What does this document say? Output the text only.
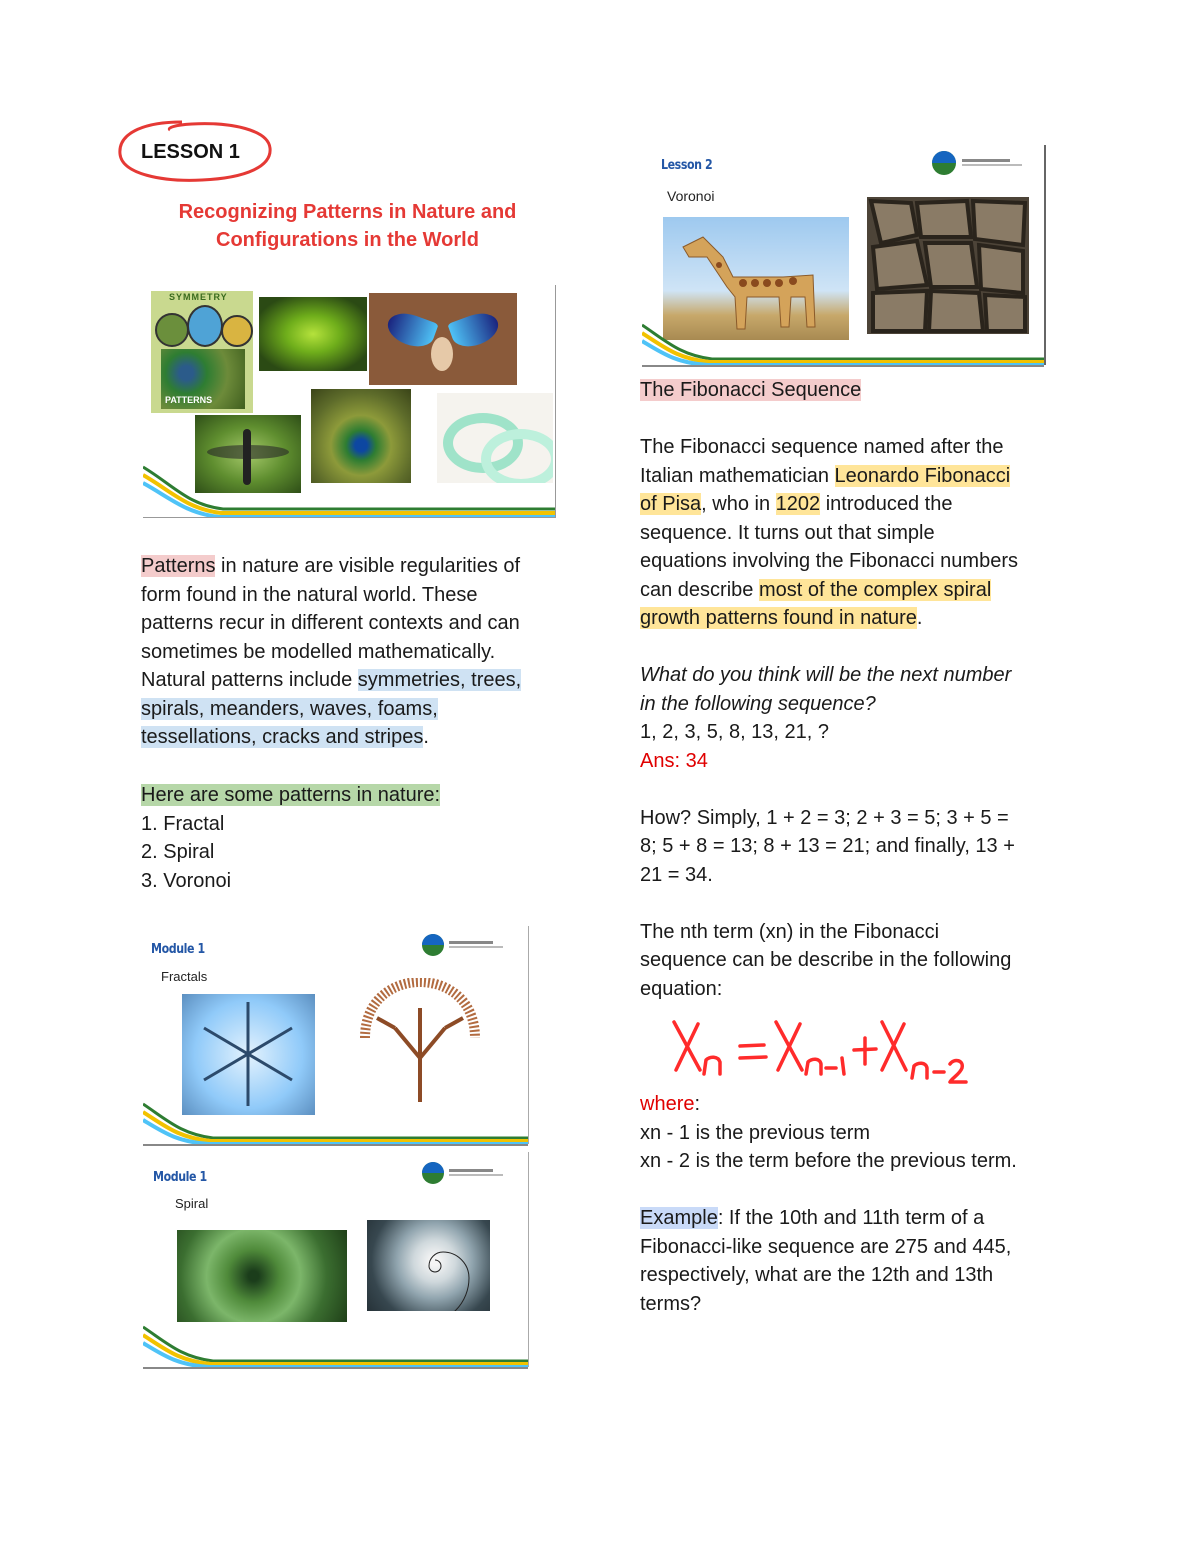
LESSON 1
Recognizing Patterns in Nature and
Configurations in the World
SYMMETRY
PATTERNS
Patterns in nature are visible regularities of
form found in the natural world. These
patterns recur in different contexts and can
sometimes be modelled mathematically.
Natural patterns include symmetries, trees,
spirals, meanders, waves, foams,
tessellations, cracks and stripes.
Here are some patterns in nature:
1. Fractal
2. Spiral
3. Voronoi
Module 1
Fractals
Module 1
Spiral
Lesson 2
Voronoi
The Fibonacci Sequence
The Fibonacci sequence named after the
Italian mathematician Leonardo Fibonacci
of Pisa, who in 1202 introduced the
sequence. It turns out that simple
equations involving the Fibonacci numbers
can describe most of the complex spiral
growth patterns found in nature.
What do you think will be the next number
in the following sequence?
1, 2, 3, 5, 8, 13, 21, ?
Ans: 34
How? Simply, 1 + 2 = 3; 2 + 3 = 5; 3 + 5 =
8; 5 + 8 = 13; 8 + 13 = 21; and finally, 13 +
21 = 34.
The nth term (xn) in the Fibonacci
sequence can be describe in the following
equation:
where:
xn - 1 is the previous term
xn - 2 is the term before the previous term.
Example: If the 10th and 11th term of a
Fibonacci-like sequence are 275 and 445,
respectively, what are the 12th and 13th
terms?
